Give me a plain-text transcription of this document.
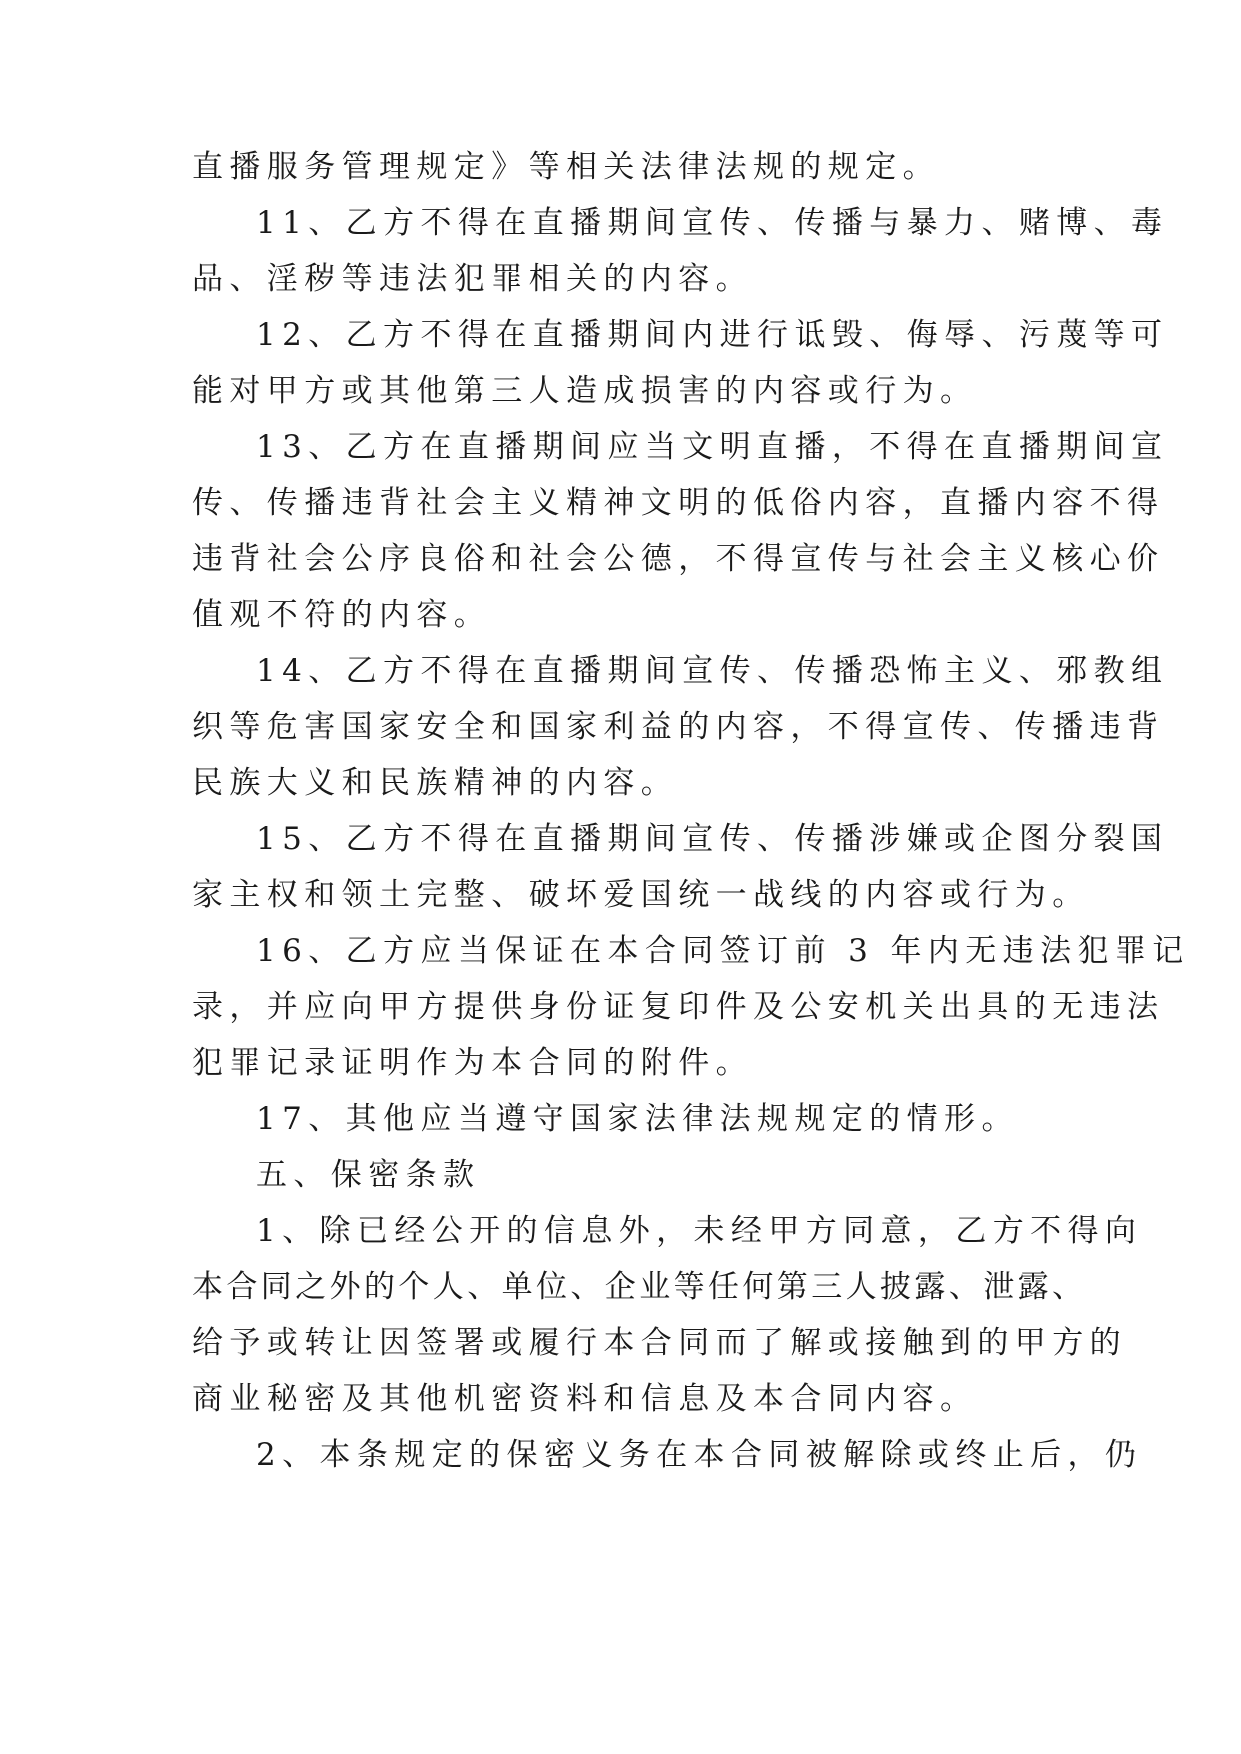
直播服务管理规定》等相关法律法规的规定。
11、乙方不得在直播期间宣传、传播与暴力、赌博、毒
品、淫秽等违法犯罪相关的内容。
12、乙方不得在直播期间内进行诋毁、侮辱、污蔑等可
能对甲方或其他第三人造成损害的内容或行为。
13、乙方在直播期间应当文明直播，不得在直播期间宣
传、传播违背社会主义精神文明的低俗内容，直播内容不得
违背社会公序良俗和社会公德，不得宣传与社会主义核心价
值观不符的内容。
14、乙方不得在直播期间宣传、传播恐怖主义、邪教组
织等危害国家安全和国家利益的内容，不得宣传、传播违背
民族大义和民族精神的内容。
15、乙方不得在直播期间宣传、传播涉嫌或企图分裂国
家主权和领土完整、破坏爱国统一战线的内容或行为。
16、乙方应当保证在本合同签订前 3 年内无违法犯罪记
录，并应向甲方提供身份证复印件及公安机关出具的无违法
犯罪记录证明作为本合同的附件。
17、其他应当遵守国家法律法规规定的情形。
五、保密条款
1、除已经公开的信息外，未经甲方同意，乙方不得向
本合同之外的个人、单位、企业等任何第三人披露、泄露、
给予或转让因签署或履行本合同而了解或接触到的甲方的
商业秘密及其他机密资料和信息及本合同内容。
2、本条规定的保密义务在本合同被解除或终止后，仍
